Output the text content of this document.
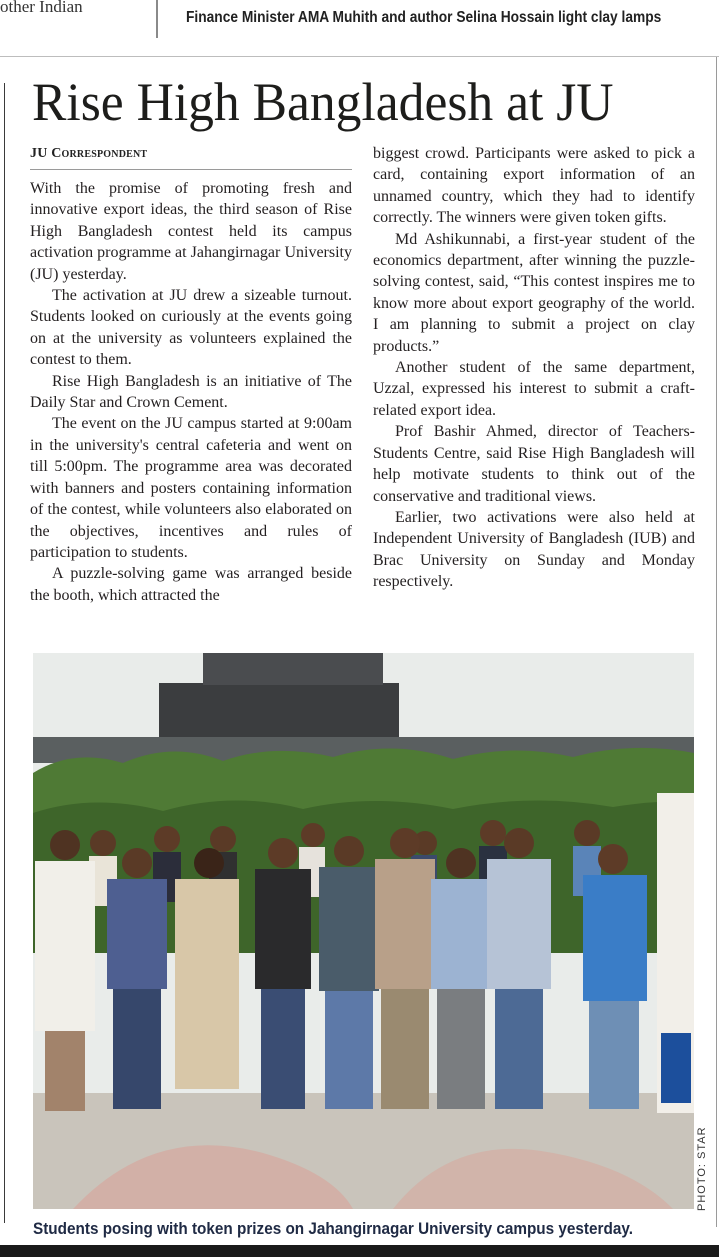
other Indian
Finance Minister AMA Muhith and author Selina Hossain light clay lamps
Rise High Bangladesh at JU
JU Correspondent

With the promise of promoting fresh and innovative export ideas, the third season of Rise High Bangladesh contest held its campus activation programme at Jahangirnagar University (JU) yesterday.

The activation at JU drew a sizeable turnout. Students looked on curiously at the events going on at the university as volunteers explained the contest to them.

Rise High Bangladesh is an initiative of The Daily Star and Crown Cement.

The event on the JU campus started at 9:00am in the university's central cafeteria and went on till 5:00pm. The programme area was decorated with banners and posters containing information of the contest, while volunteers also elaborated on the objectives, incentives and rules of participation to students.

A puzzle-solving game was arranged beside the booth, which attracted the

biggest crowd. Participants were asked to pick a card, containing export information of an unnamed country, which they had to identify correctly. The winners were given token gifts.

Md Ashikunnabi, a first-year student of the economics department, after winning the puzzle-solving contest, said, “This contest inspires me to know more about export geography of the world. I am planning to submit a project on clay products.”

Another student of the same department, Uzzal, expressed his interest to submit a craft-related export idea.

Prof Bashir Ahmed, director of Teachers-Students Centre, said Rise High Bangladesh will help motivate students to think out of the conservative and traditional views.

Earlier, two activations were also held at Independent University of Bangladesh (IUB) and Brac University on Sunday and Monday respectively.

PHOTO: STAR
Students posing with token prizes on Jahangirnagar University campus yesterday.
